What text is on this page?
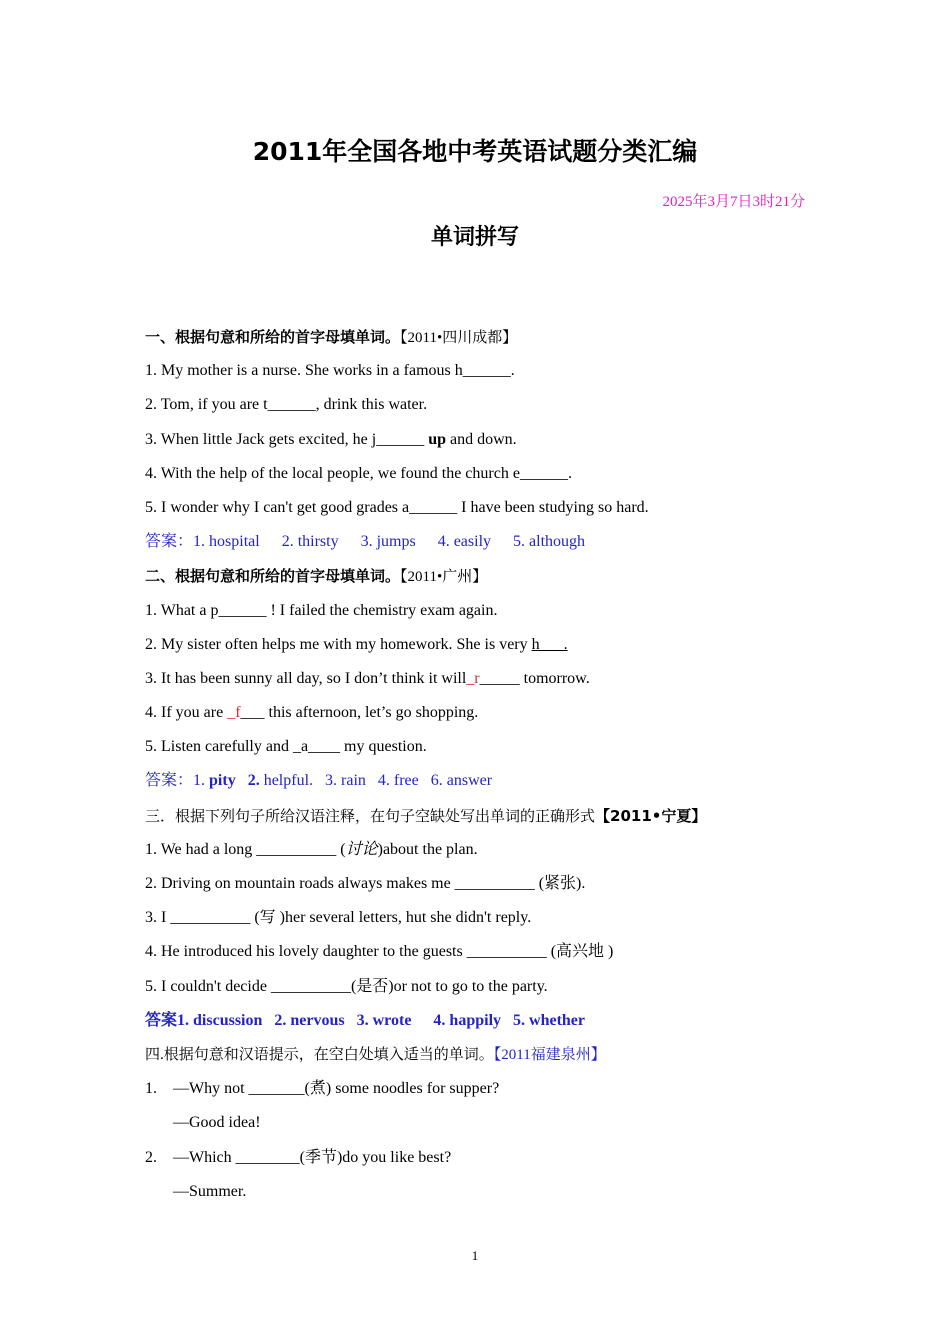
2011年全国各地中考英语试题分类汇编
2025年3月7日3时21分
单词拼写
一、根据句意和所给的首字母填单词。【2011•四川成都】
1. My mother is a nurse. She works in a famous h______.
2. Tom, if you are t______, drink this water.
3. When little Jack gets excited, he j______ up and down.
4. With the help of the local people, we found the church e______.
5. I wonder why I can't get good grades a______ I have been studying so hard.
答案：1. hospital 2. thirsty 3. jumps 4. easily 5. although
二、根据句意和所给的首字母填单词。【2011•广州】
1. What a p______ ! I failed the chemistry exam again.
2. My sister often helps me with my homework. She is very h___.
3. It has been sunny all day, so I don’t think it will_r_____ tomorrow.
4. If you are _f___ this afternoon, let’s go shopping.
5. Listen carefully and _a____ my question.
答案：1. pity 2. helpful. 3. rain 4. free 6. answer
三．根据下列句子所给汉语注释，在句子空缺处写出单词的正确形式【2011•宁夏】
1. We had a long __________ (讨论)about the plan.
2. Driving on mountain roads always makes me __________ (紧张).
3. I __________ (写 )her several letters, hut she didn't reply.
4. He introduced his lovely daughter to the guests __________ (高兴地 )
5. I couldn't decide __________(是否)or not to go to the party.
答案1. discussion 2. nervous 3. wrote 4. happily 5. whether
四.根据句意和汉语提示，在空白处填入适当的单词。【2011福建泉州】
1. —Why not _______(煮) some noodles for supper?
—Good idea!
2. —Which ________(季节)do you like best?
—Summer.
1
